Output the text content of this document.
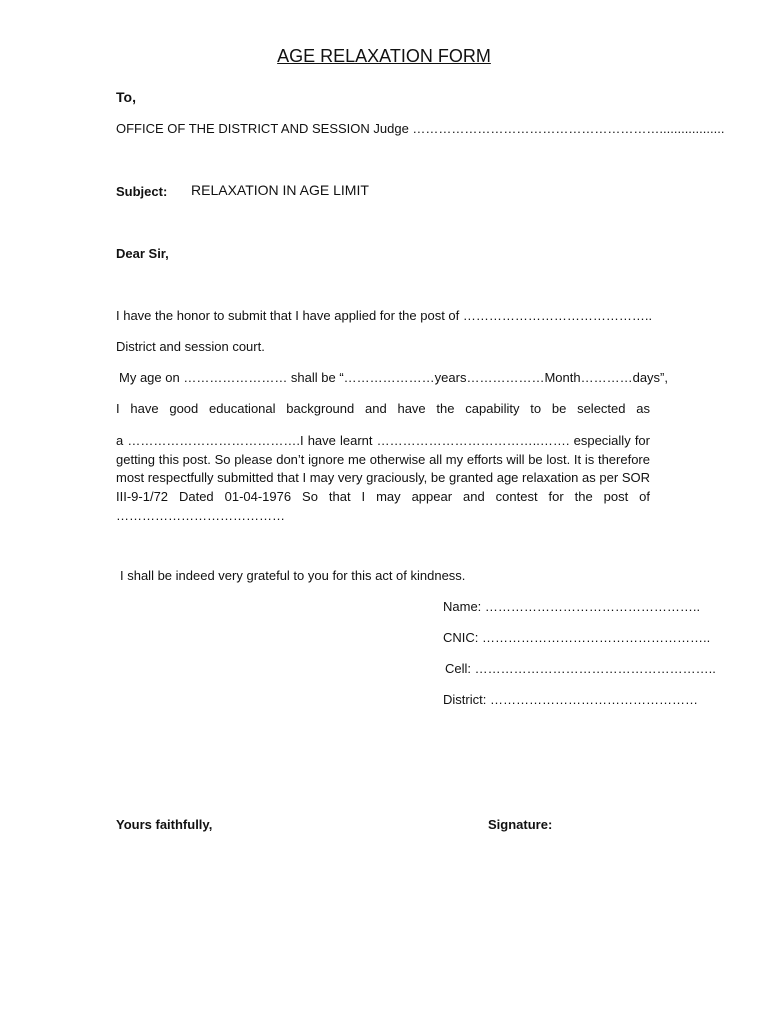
AGE RELAXATION FORM
To,
OFFICE OF THE DISTRICT AND SESSION Judge …………………………………………………..................
Subject: RELAXATION IN AGE LIMIT
Dear Sir,
I have the honor to submit that I have applied for the post of ……………………………………..
District and session court.
My age on …………………… shall be “…………………years………………Month…………days”,
I have good educational background and have the capability to be selected as
a ………………………………….I have learnt ………………………………..……. especially for getting this post. So please don’t ignore me otherwise all my efforts will be lost. It is therefore most respectfully submitted that I may very graciously, be granted age relaxation as per SOR III-9-1/72 Dated 01-04-1976 So that I may appear and contest for the post of …………………………………
I shall be indeed very grateful to you for this act of kindness.
Name: …………………………………………..
CNIC: ……………………………………………..
Cell: ………………………………………………..
District: …………………………………………
Yours faithfully,	Signature:
